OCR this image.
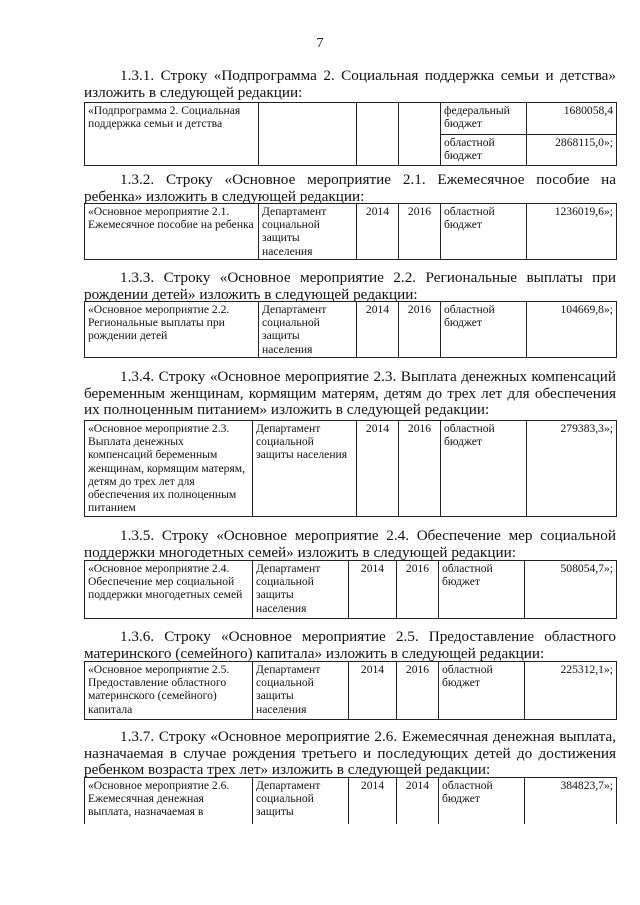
7
1.3.1. Строку «Подпрограмма 2. Социальная поддержка семьи и детства» изложить в следующей редакции:
«Подпрограмма 2. Социальная поддержка семьи и детства				федеральный бюджет	1680058,4
				областной бюджет	2868115,0»;
1.3.2. Строку «Основное мероприятие 2.1. Ежемесячное пособие на ребенка» изложить в следующей редакции:
«Основное мероприятие 2.1. Ежемесячное пособие на ребенка	Департамент социальной защиты населения	2014	2016	областной бюджет	1236019,6»;
1.3.3. Строку «Основное мероприятие 2.2. Региональные выплаты при рождении детей» изложить в следующей редакции:
«Основное мероприятие 2.2. Региональные выплаты при рождении детей	Департамент социальной защиты населения	2014	2016	областной бюджет	104669,8»;
1.3.4. Строку «Основное мероприятие 2.3. Выплата денежных компенсаций беременным женщинам, кормящим матерям, детям до трех лет для обеспечения их полноценным питанием» изложить в следующей редакции:
«Основное мероприятие 2.3. Выплата денежных компенсаций беременным женщинам, кормящим матерям, детям до трех лет для обеспечения их полноценным питанием	Департамент социальной защиты населения	2014	2016	областной бюджет	279383,3»;
1.3.5. Строку «Основное мероприятие 2.4. Обеспечение мер социальной поддержки многодетных семей» изложить в следующей редакции:
«Основное мероприятие 2.4. Обеспечение мер социальной поддержки многодетных семей	Департамент социальной защиты населения	2014	2016	областной бюджет	508054,7»;
1.3.6. Строку «Основное мероприятие 2.5. Предоставление областного материнского (семейного) капитала» изложить в следующей редакции:
«Основное мероприятие 2.5. Предоставление областного материнского (семейного) капитала	Департамент социальной защиты населения	2014	2016	областной бюджет	225312,1»;
1.3.7. Строку «Основное мероприятие 2.6. Ежемесячная денежная выплата, назначаемая в случае рождения третьего и последующих детей до достижения ребенком возраста трех лет» изложить в следующей редакции:
«Основное мероприятие 2.6. Ежемесячная денежная выплата, назначаемая в	Департамент социальной защиты	2014	2014	областной бюджет	384823,7»;
